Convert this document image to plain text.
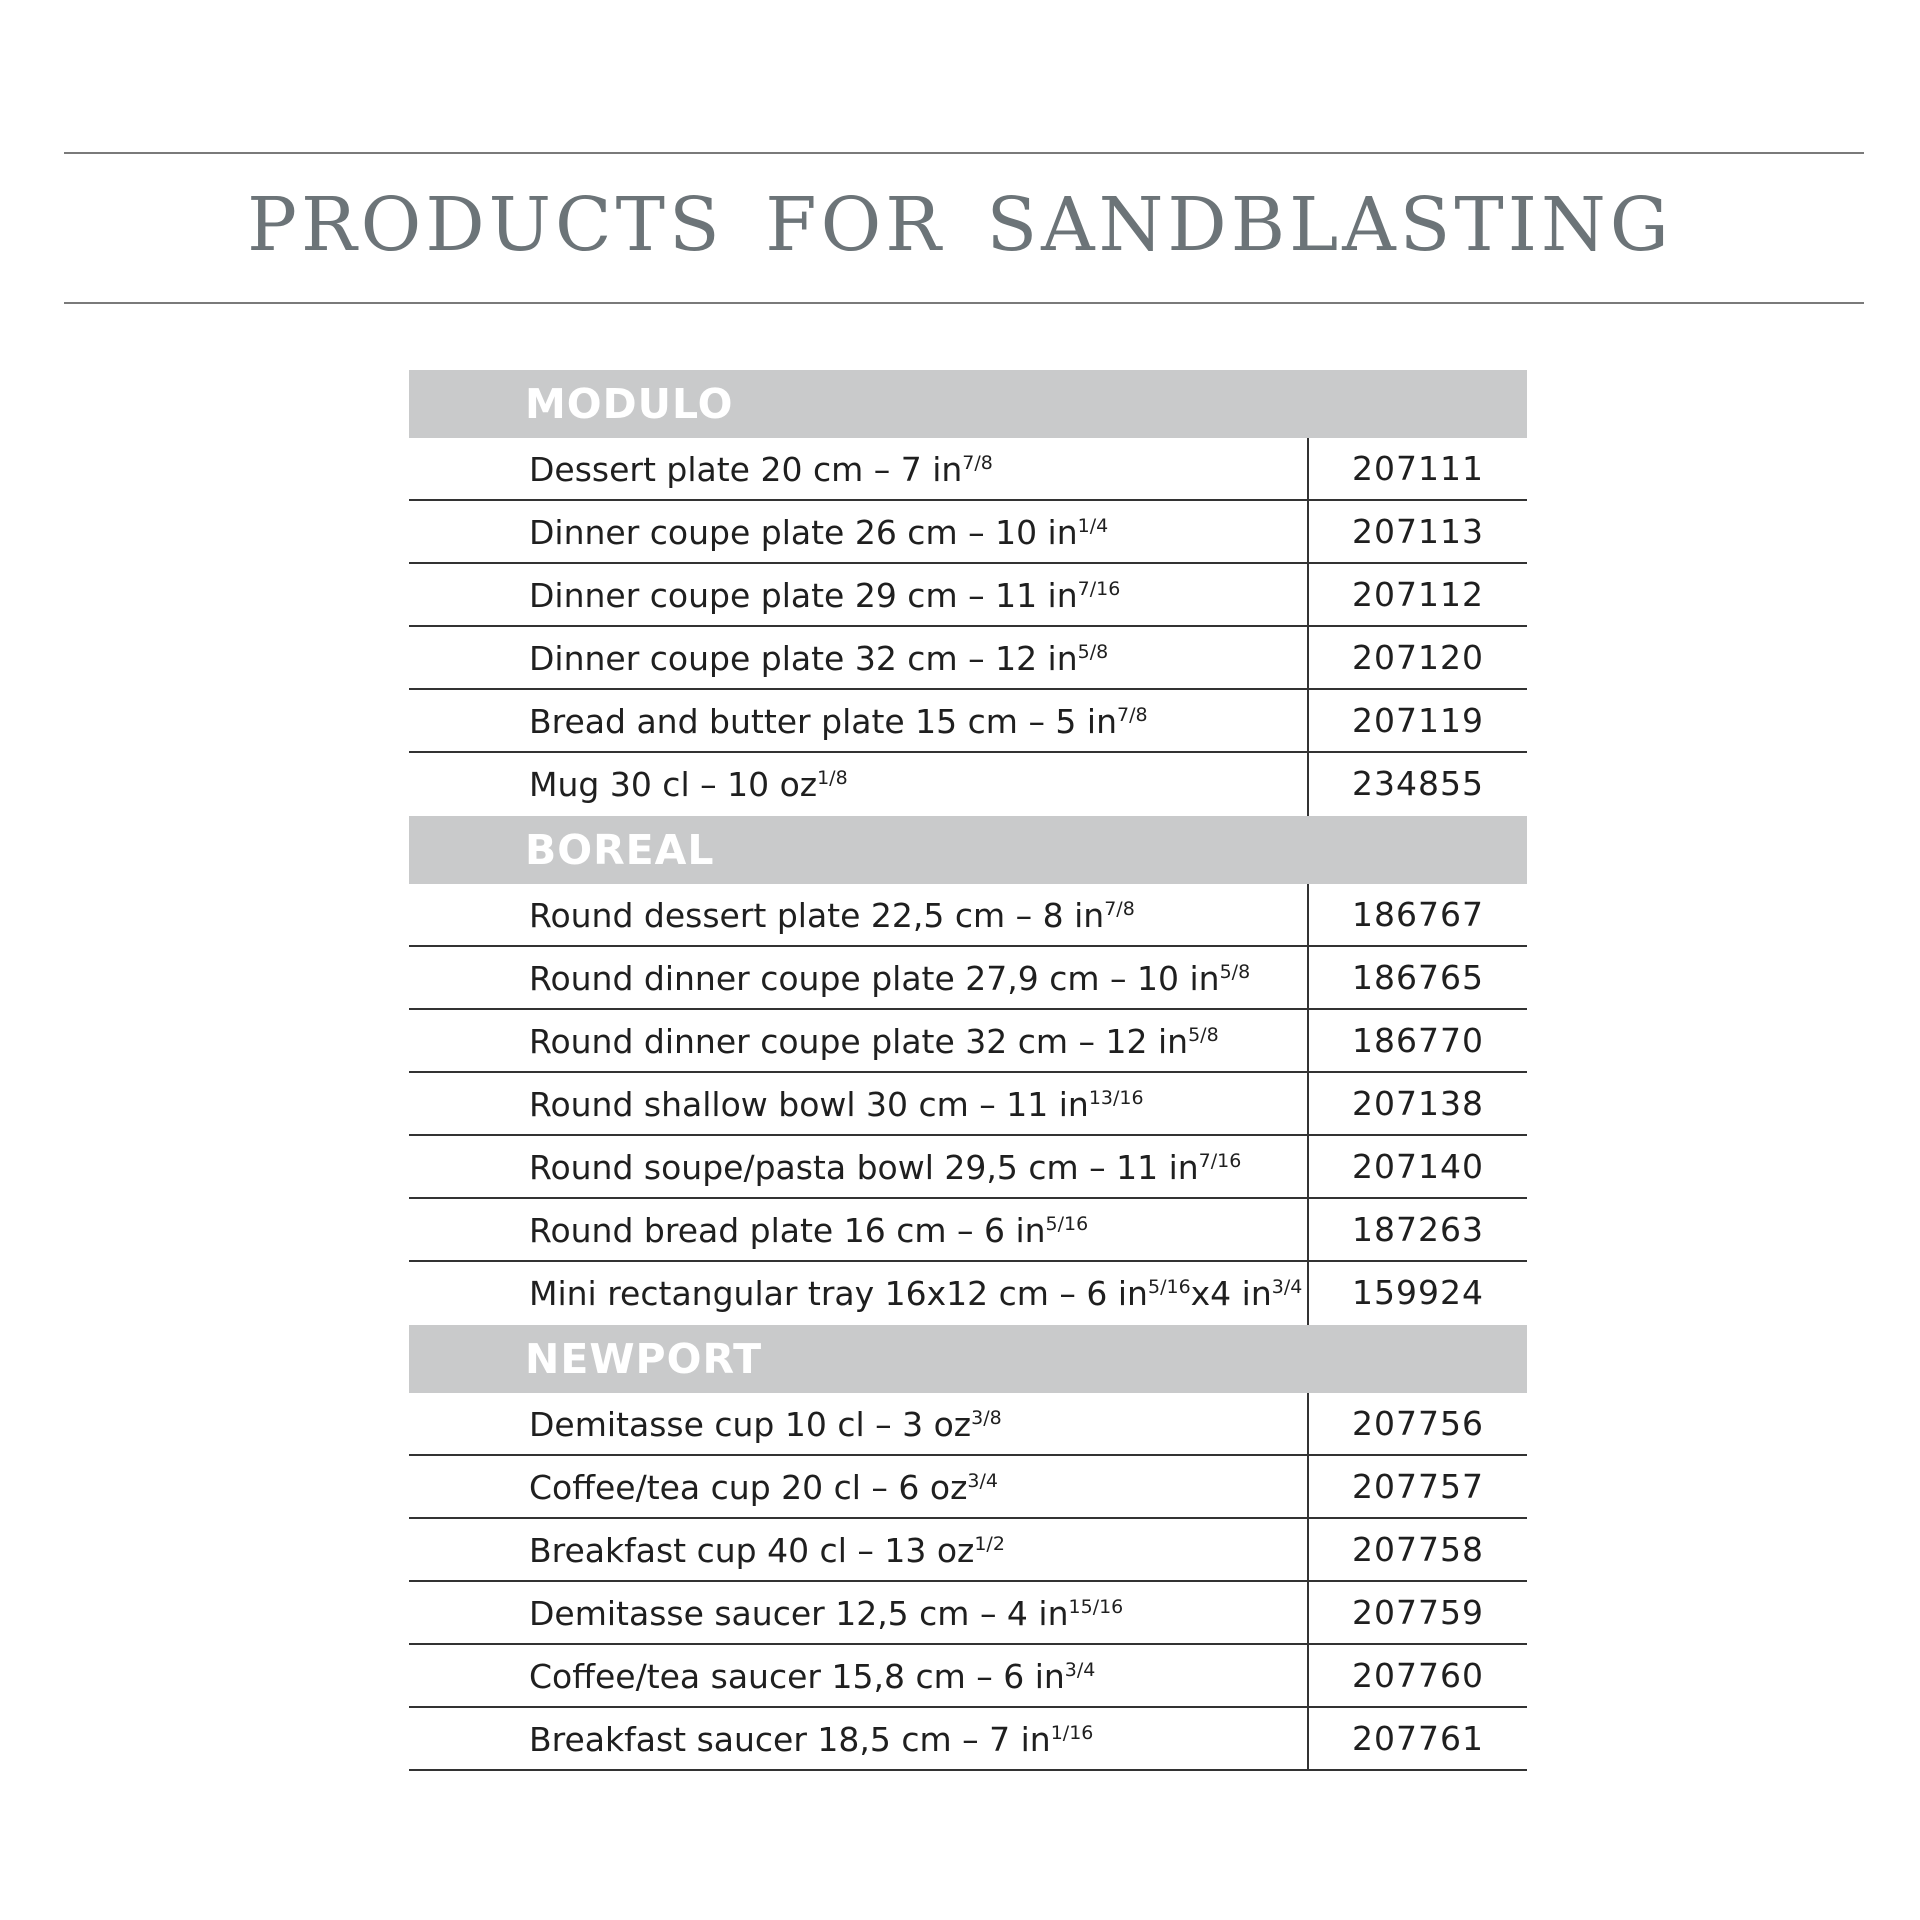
PRODUCTS FOR SANDBLASTING
MODULO
Dessert plate 20 cm – 7 $in^{7/8}$	207111
Dinner coupe plate 26 cm – 10 $in^{1/4}$	207113
Dinner coupe plate 29 cm – 11 $in^{7/16}$	207112
Dinner coupe plate 32 cm – 12 $in^{5/8}$	207120
Bread and butter plate 15 cm – 5 $in^{7/8}$	207119
Mug 30 cl – 10 $oz^{1/8}$	234855
BOREAL
Round dessert plate 22,5 cm – 8 $in^{7/8}$	186767
Round dinner coupe plate 27,9 cm – 10 $in^{5/8}$	186765
Round dinner coupe plate 32 cm – 12 $in^{5/8}$	186770
Round shallow bowl 30 cm – 11 $in^{13/16}$	207138
Round soupe/pasta bowl 29,5 cm – 11 $in^{7/16}$	207140
Round bread plate 16 cm – 6 $in^{5/16}$	187263
Mini rectangular tray 16x12 cm – 6 $in^{5/16}x4$ $in^{3/4}$	159924
NEWPORT
Demitasse cup 10 cl – 3 $oz^{3/8}$	207756
Coffee/tea cup 20 cl – 6 $oz^{3/4}$	207757
Breakfast cup 40 cl – 13 $oz^{1/2}$	207758
Demitasse saucer 12,5 cm – 4 $in^{15/16}$	207759
Coffee/tea saucer 15,8 cm – 6 $in^{3/4}$	207760
Breakfast saucer 18,5 cm – 7 $in^{1/16}$	207761
